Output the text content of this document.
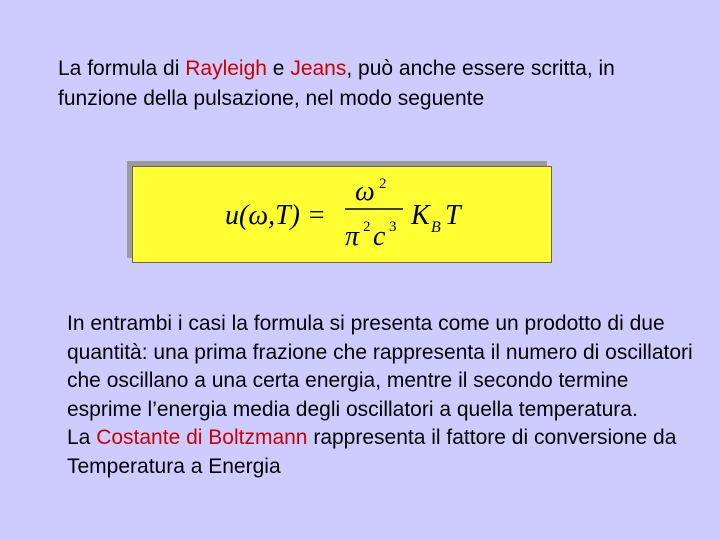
La formula di Rayleigh e Jeans, può anche essere scritta, in funzione della pulsazione, nel modo seguente
u(ω,T) =
ω 2
π 2 c 3 K B T
In entrambi i casi la formula si presenta come un prodotto di due quantità: una prima frazione che rappresenta il numero di oscillatori che oscillano a una certa energia, mentre il secondo termine esprime l’energia media degli oscillatori a quella temperatura.
La Costante di Boltzmann rappresenta il fattore di conversione da Temperatura a Energia
